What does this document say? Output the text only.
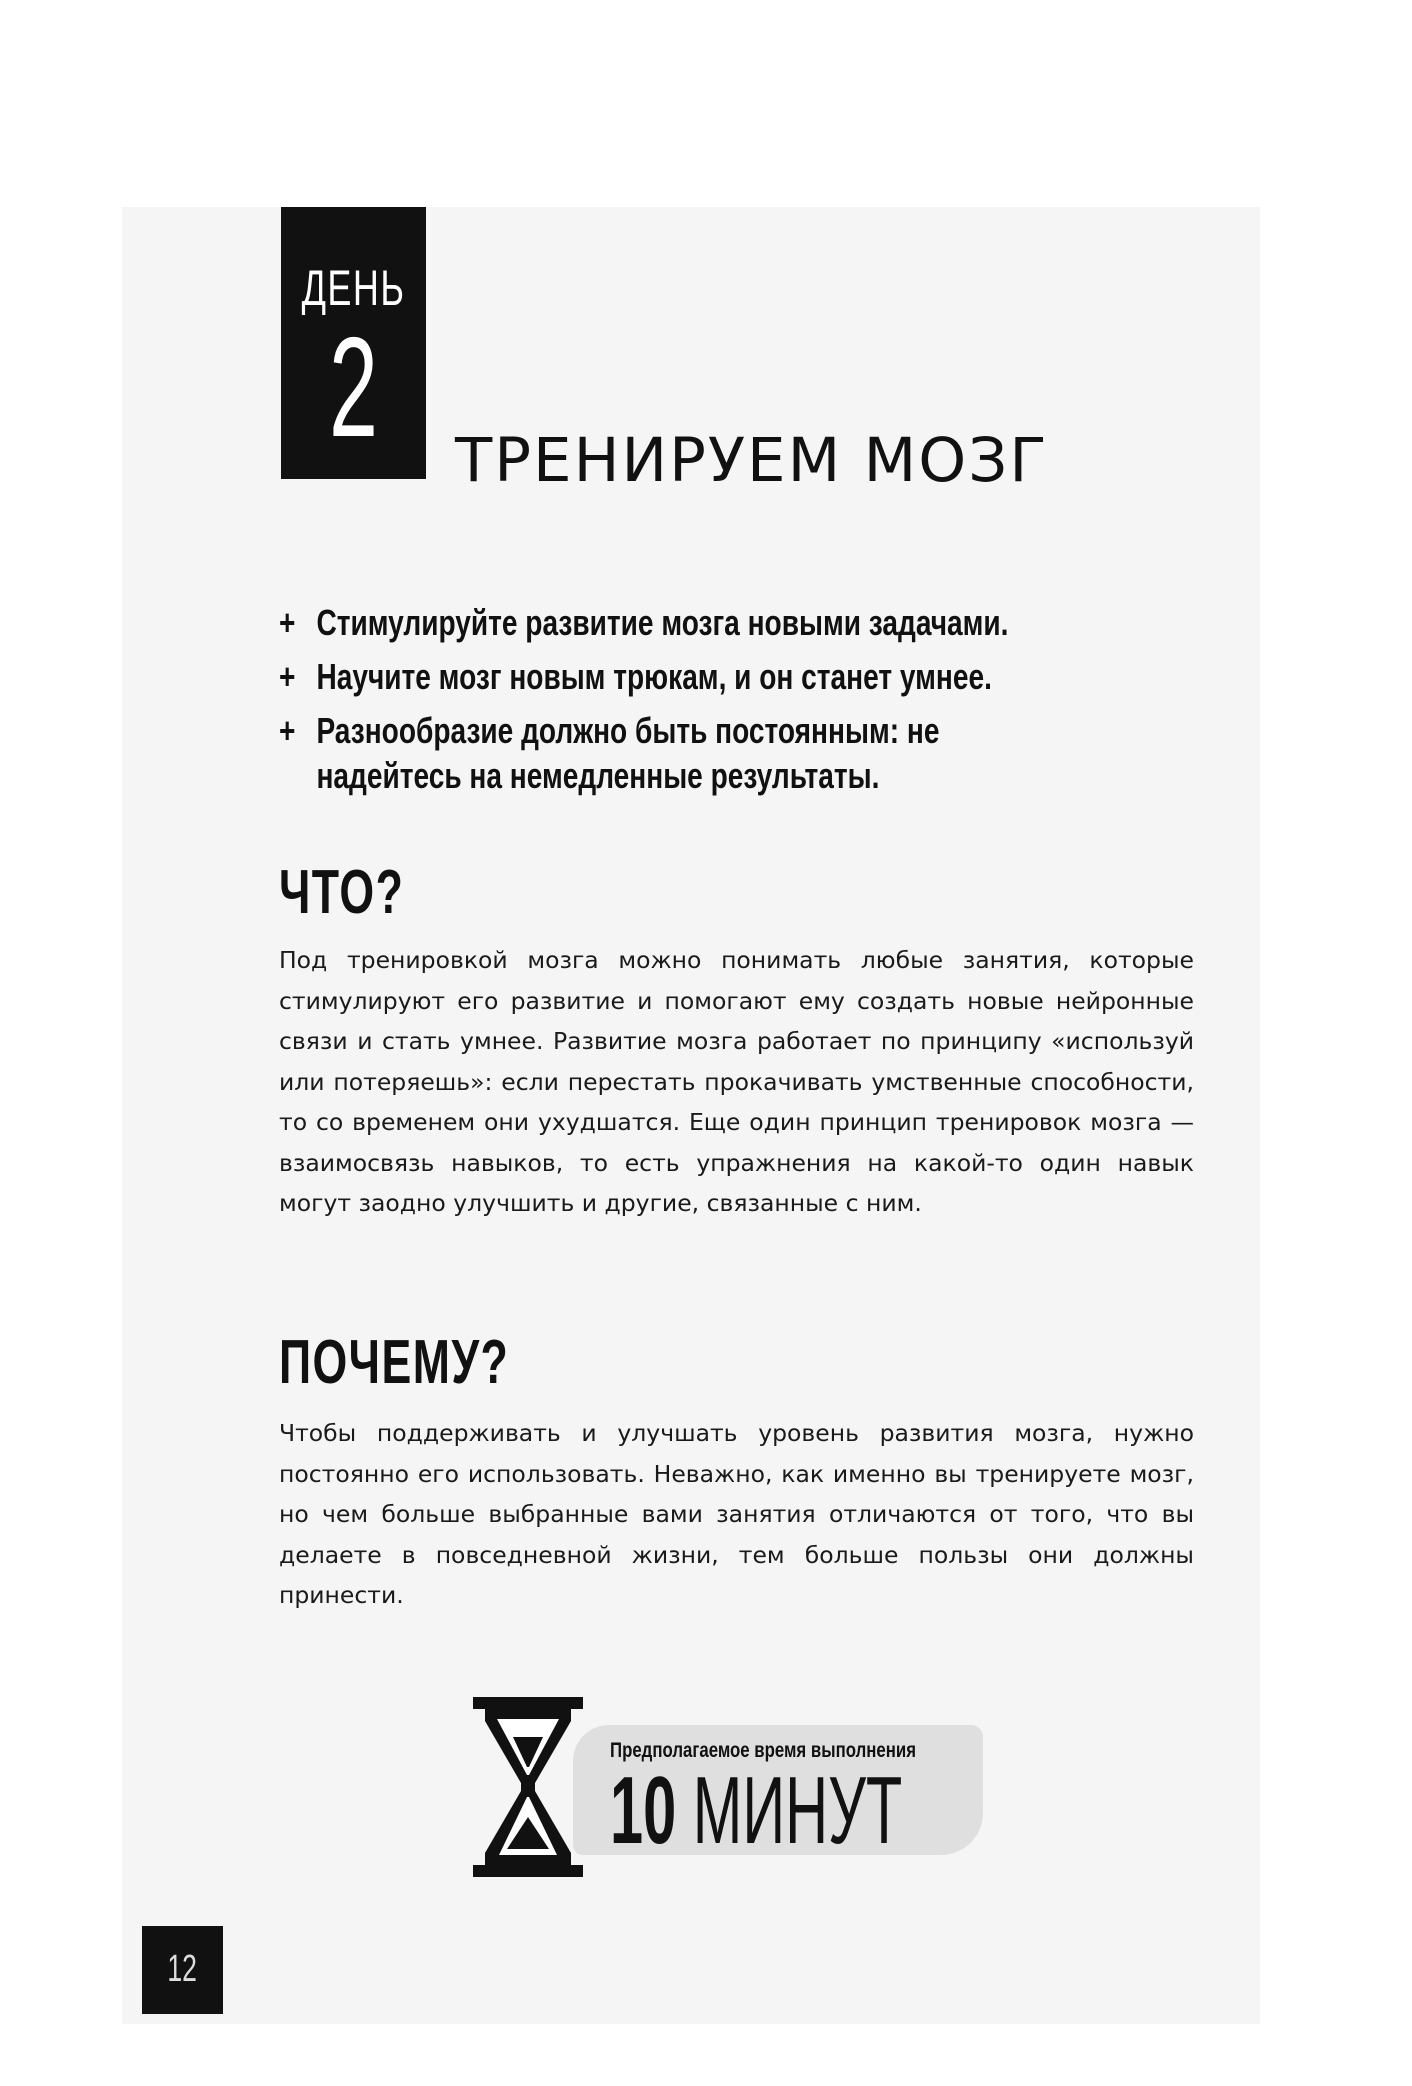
ДЕНЬ
2	ТРЕНИРУЕМ МОЗГ
+ Стимулируйте развитие мозга новыми задачами.
+ Научите мозг новым трюкам, и он станет умнее.
+ Разнообразие должно быть постоянным: не надейтесь на немедленные результаты.
ЧТО?

Под тренировкой мозга можно понимать любые занятия, которые стимулируют его развитие и помогают ему создать новые нейронные связи и стать умнее. Развитие мозга работает по принципу «используй или потеряешь»: если перестать прокачивать умственные способности, то со временем они ухудшатся. Еще один принцип тренировок мозга — взаимосвязь навыков, то есть упражнения на какой-то один навык могут заодно улучшить и другие, связанные с ним.

ПОЧЕМУ?

Чтобы поддерживать и улучшать уровень развития мозга, нужно постоянно его использовать. Неважно, как именно вы тренируете мозг, но чем больше выбранные вами занятия отличаются от того, что вы делаете в повседневной жизни, тем больше пользы они должны принести.

Предполагаемое время выполнения
10 МИНУТ
12
